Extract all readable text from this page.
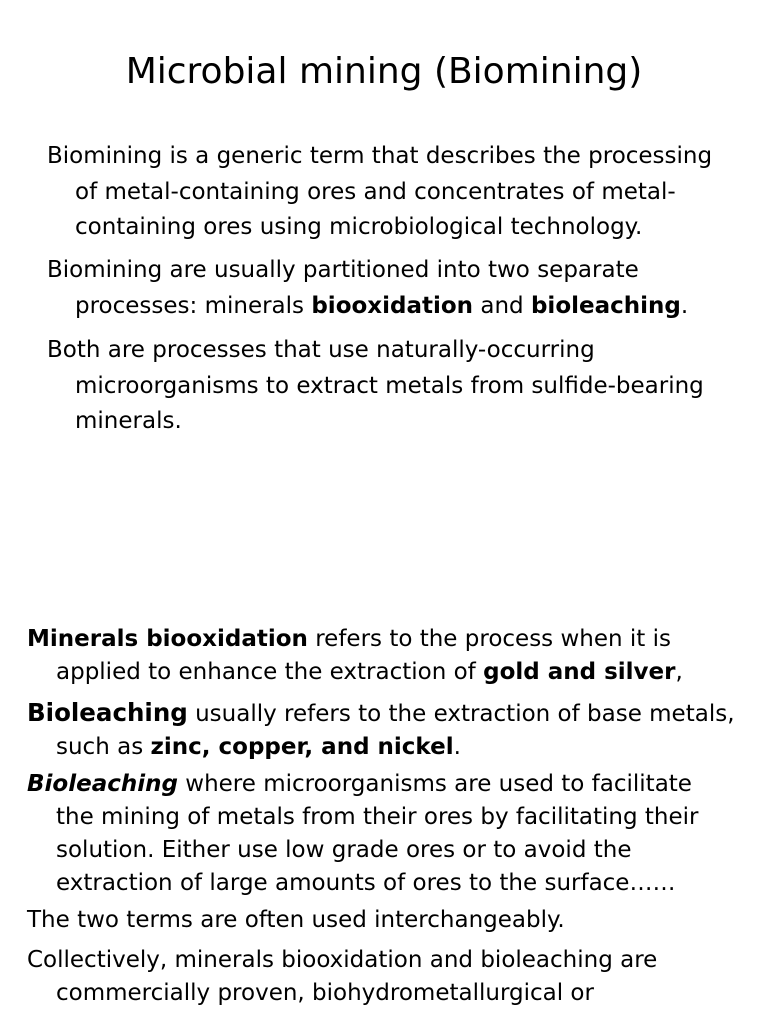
Microbial mining (Biomining)
Biomining is a generic term that describes the processing
of metal-containing ores and concentrates of metal-
containing ores using microbiological technology.
Biomining are usually partitioned into two separate
processes: minerals biooxidation and bioleaching.
Both are processes that use naturally-occurring
microorganisms to extract metals from sulfide-bearing
minerals.
Minerals biooxidation refers to the process when it is
applied to enhance the extraction of gold and silver,
Bioleaching usually refers to the extraction of base metals,
such as zinc, copper, and nickel.
Bioleaching where microorganisms are used to facilitate
the mining of metals from their ores by facilitating their
solution. Either use low grade ores or to avoid the
extraction of large amounts of ores to the surface……
The two terms are often used interchangeably.
Collectively, minerals biooxidation and bioleaching are
commercially proven, biohydrometallurgical or
